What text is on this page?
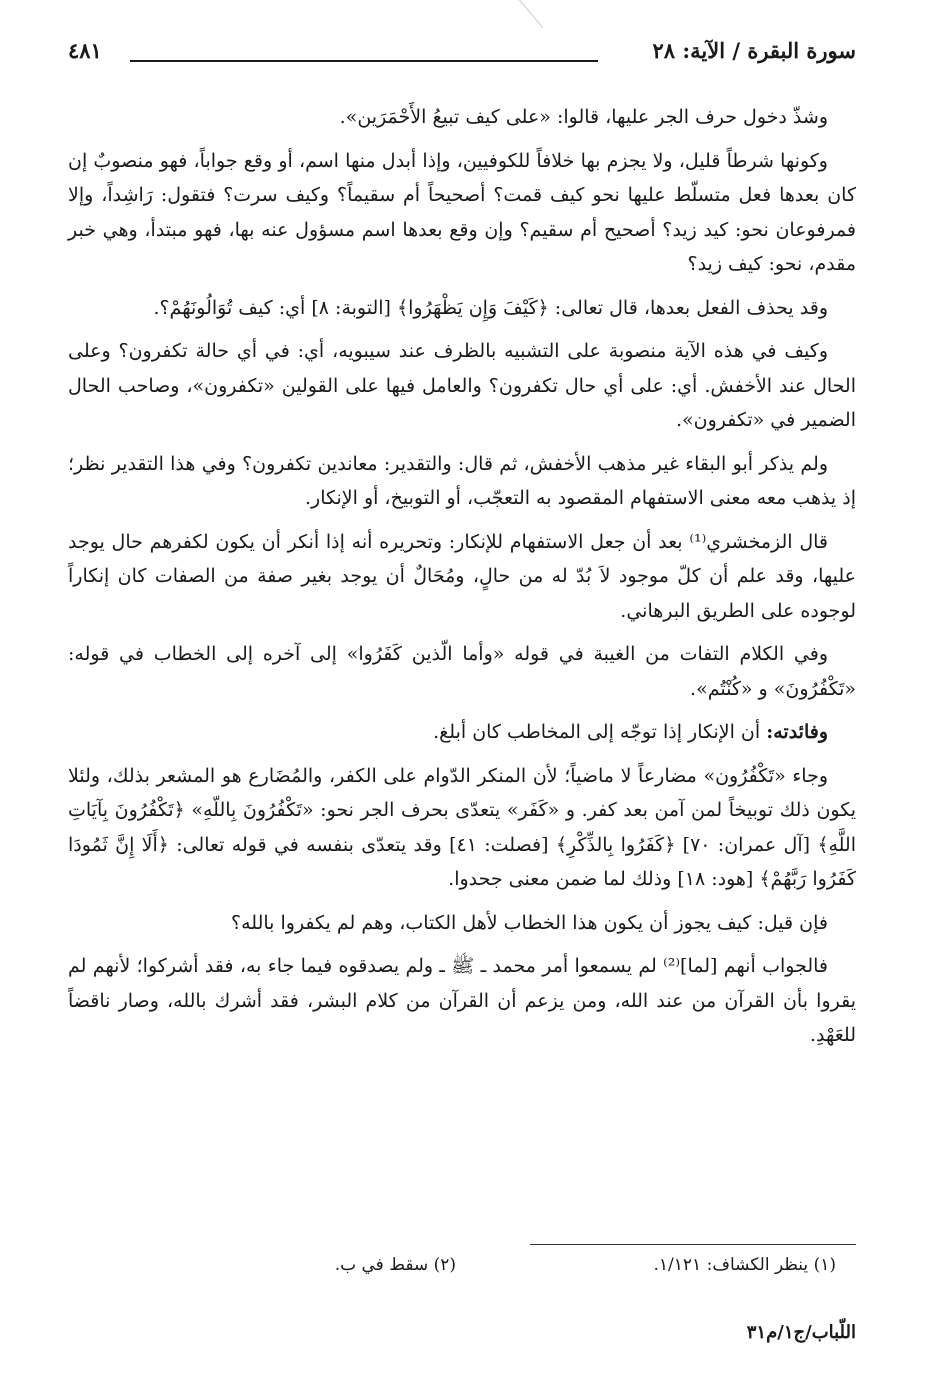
سورة البقرة / الآية: ٢٨
٤٨١

وشذّ دخول حرف الجر عليها، قالوا: «على كيف تبيعُ الأَحْمَرَين».

وكونها شرطاً قليل، ولا يجزم بها خلافاً للكوفيين، وإذا أبدل منها اسم، أو وقع جواباً، فهو منصوبٌ إن كان بعدها فعل متسلّط عليها نحو كيف قمت؟ أصحيحاً أم سقيماً؟ وكيف سرت؟ فتقول: رَاشِداً، وإلا فمرفوعان نحو: كيد زيد؟ أصحيح أم سقيم؟ وإن وقع بعدها اسم مسؤول عنه بها، فهو مبتدأ، وهي خبر مقدم، نحو: كيف زيد؟

وقد يحذف الفعل بعدها، قال تعالى: ﴿كَيْفَ وَإِن يَظْهَرُوا﴾ [التوبة: ٨] أي: كيف تُوَالُونَهُمْ؟.

وكيف في هذه الآية منصوبة على التشبيه بالظرف عند سيبويه، أي: في أي حالة تكفرون؟ وعلى الحال عند الأخفش. أي: على أي حال تكفرون؟ والعامل فيها على القولين «تكفرون»، وصاحب الحال الضمير في «تكفرون».

ولم يذكر أبو البقاء غير مذهب الأخفش، ثم قال: والتقدير: معاندين تكفرون؟ وفي هذا التقدير نظر؛ إذ يذهب معه معنى الاستفهام المقصود به التعجّب، أو التوبيخ، أو الإنكار.

قال الزمخشري⁽¹⁾ بعد أن جعل الاستفهام للإنكار: وتحريره أنه إذا أنكر أن يكون لكفرهم حال يوجد عليها، وقد علم أن كلّ موجود لاَ بُدّ له من حالٍ، ومُحَالٌ أن يوجد بغير صفة من الصفات كان إنكاراً لوجوده على الطريق البرهاني.

وفي الكلام التفات من الغيبة في قوله «وأما الّذين كَفَرُوا» إلى آخره إلى الخطاب في قوله: «تَكْفُرُونَ» و «كُنْتُم».

وفائدته: أن الإنكار إذا توجّه إلى المخاطب كان أبلغ.

وجاء «تَكْفُرُون» مضارعاً لا ماضياً؛ لأن المنكر الدّوام على الكفر، والمُضَارع هو المشعر بذلك، ولئلا يكون ذلك توبيخاً لمن آمن بعد كفر. و «كَفَر» يتعدّى بحرف الجر نحو: «تَكْفُرُونَ بِاللّهِ» ﴿تَكْفُرُونَ بِآيَاتِ اللَّهِ﴾ [آل عمران: ٧٠] ﴿كَفَرُوا بِالذِّكْرِ﴾ [فصلت: ٤١] وقد يتعدّى بنفسه في قوله تعالى: ﴿أَلَا إِنَّ ثَمُودَا كَفَرُوا رَبَّهُمْ﴾ [هود: ١٨] وذلك لما ضمن معنى جحدوا.

فإن قيل: كيف يجوز أن يكون هذا الخطاب لأهل الكتاب، وهم لم يكفروا بالله؟

فالجواب أنهم [لما]⁽²⁾ لم يسمعوا أمر محمد ـ ﷺ ـ ولم يصدقوه فيما جاء به، فقد أشركوا؛ لأنهم لم يقروا بأن القرآن من عند الله، ومن يزعم أن القرآن من كلام البشر، فقد أشرك بالله، وصار ناقضاً للعَهْدِ.

(١) ينظر الكشاف: ١/١٢١.
(٢) سقط في ب.
اللّباب/ج١/م٣١
